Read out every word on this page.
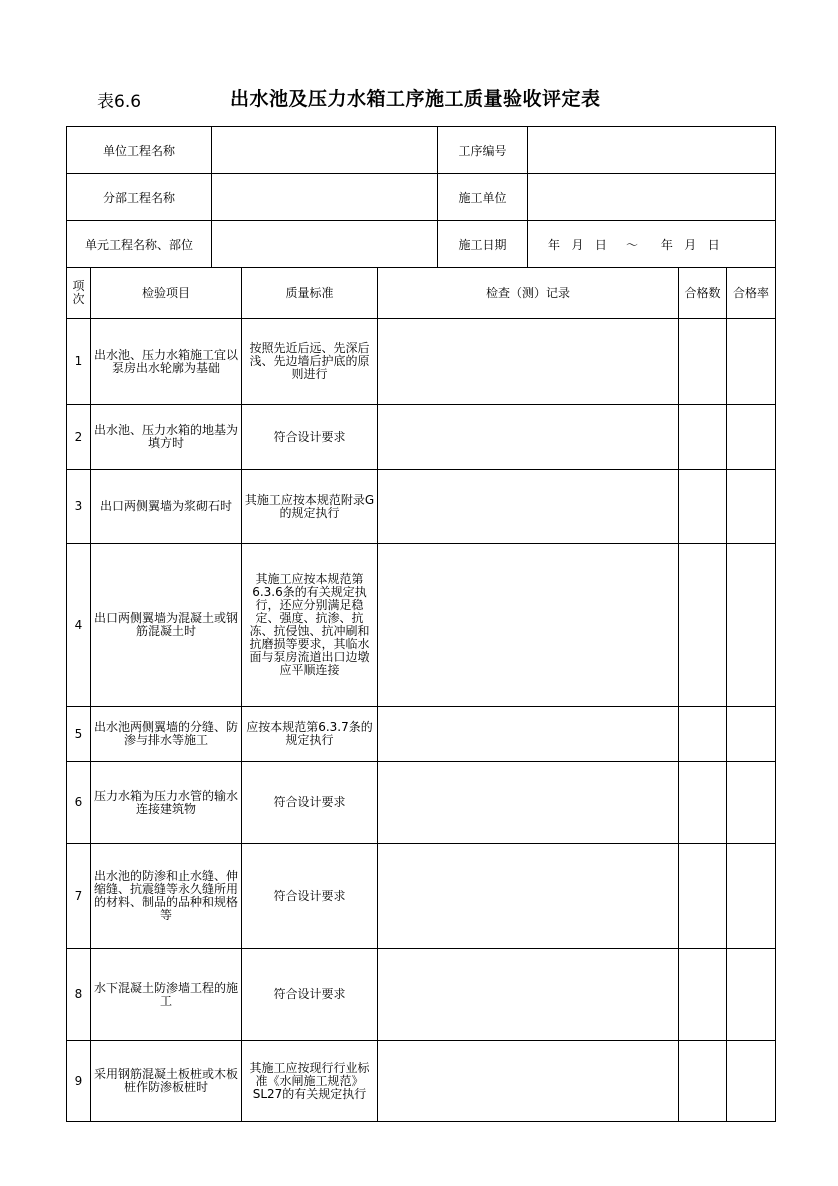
表6.6	出水池及压力水箱工序施工质量验收评定表
单位工程名称		工序编号	
分部工程名称		施工单位	
单元工程名称、部位		施工日期	年   月   日     ～      年   月   日
项次	检验项目	质量标准	检查（测）记录	合格数	合格率
1	出水池、压力水箱施工宜以泵房出水轮廓为基础	按照先近后远、先深后浅、先边墙后护底的原则进行			
2	出水池、压力水箱的地基为填方时	符合设计要求			
3	出口两侧翼墙为浆砌石时	其施工应按本规范附录G的规定执行			
4	出口两侧翼墙为混凝土或钢筋混凝土时	其施工应按本规范第6.3.6条的有关规定执行，还应分别满足稳定、强度、抗渗、抗冻、抗侵蚀、抗冲刷和抗磨损等要求，其临水面与泵房流道出口边墩应平顺连接			
5	出水池两侧翼墙的分缝、防渗与排水等施工	应按本规范第6.3.7条的规定执行			
6	压力水箱为压力水管的输水连接建筑物	符合设计要求			
7	出水池的防渗和止水缝、伸缩缝、抗震缝等永久缝所用的材料、制品的品种和规格等	符合设计要求			
8	水下混凝土防渗墙工程的施工	符合设计要求			
9	采用钢筋混凝土板桩或木板桩作防渗板桩时	其施工应按现行行业标准《水闸施工规范》SL27的有关规定执行			
